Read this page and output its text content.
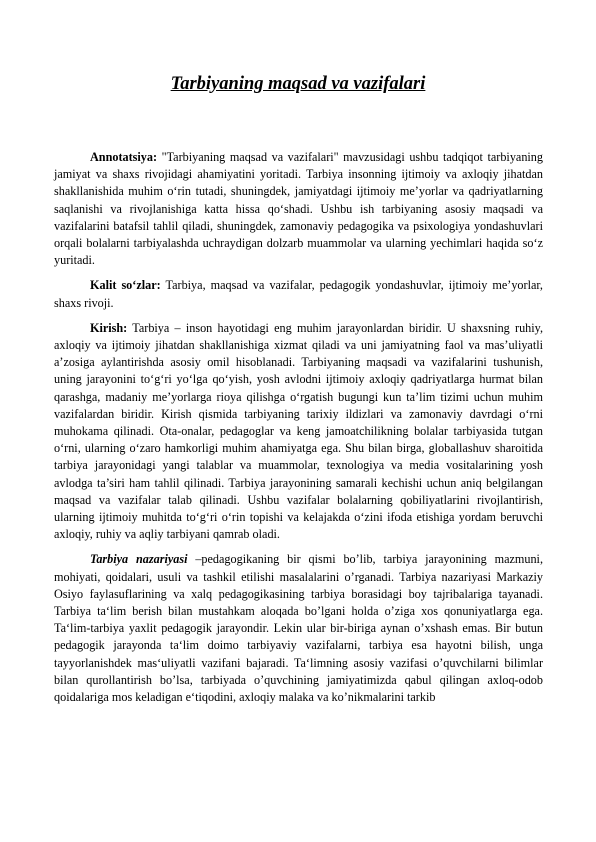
Tarbiyaning maqsad va vazifalari

Annotatsiya: "Tarbiyaning maqsad va vazifalari" mavzusidagi ushbu tadqiqot tarbiyaning jamiyat va shaxs rivojidagi ahamiyatini yoritadi. Tarbiya insonning ijtimoiy va axloqiy jihatdan shakllanishida muhim o‘rin tutadi, shuningdek, jamiyatdagi ijtimoiy me’yorlar va qadriyatlarning saqlanishi va rivojlanishiga katta hissa qo‘shadi. Ushbu ish tarbiyaning asosiy maqsadi va vazifalarini batafsil tahlil qiladi, shuningdek, zamonaviy pedagogika va psixologiya yondashuvlari orqali bolalarni tarbiyalashda uchraydigan dolzarb muammolar va ularning yechimlari haqida so‘z yuritadi.

Kalit so‘zlar: Tarbiya, maqsad va vazifalar, pedagogik yondashuvlar, ijtimoiy me’yorlar, shaxs rivoji.

Kirish: Tarbiya – inson hayotidagi eng muhim jarayonlardan biridir. U shaxsning ruhiy, axloqiy va ijtimoiy jihatdan shakllanishiga xizmat qiladi va uni jamiyatning faol va mas’uliyatli a’zosiga aylantirishda asosiy omil hisoblanadi. Tarbiyaning maqsadi va vazifalarini tushunish, uning jarayonini to‘g‘ri yo‘lga qo‘yish, yosh avlodni ijtimoiy axloqiy qadriyatlarga hurmat bilan qarashga, madaniy me’yorlarga rioya qilishga o‘rgatish bugungi kun ta’lim tizimi uchun muhim vazifalardan biridir. Kirish qismida tarbiyaning tarixiy ildizlari va zamonaviy davrdagi o‘rni muhokama qilinadi. Ota-onalar, pedagoglar va keng jamoatchilikning bolalar tarbiyasida tutgan o‘rni, ularning o‘zaro hamkorligi muhim ahamiyatga ega. Shu bilan birga, globallashuv sharoitida tarbiya jarayonidagi yangi talablar va muammolar, texnologiya va media vositalarining yosh avlodga ta’siri ham tahlil qilinadi. Tarbiya jarayonining samarali kechishi uchun aniq belgilangan maqsad va vazifalar talab qilinadi. Ushbu vazifalar bolalarning qobiliyatlarini rivojlantirish, ularning ijtimoiy muhitda to‘g‘ri o‘rin topishi va kelajakda o‘zini ifoda etishiga yordam beruvchi axloqiy, ruhiy va aqliy tarbiyani qamrab oladi.

Tarbiya nazariyasi –pedagogikaning bir qismi bo’lib, tarbiya jarayonining mazmuni, mohiyati, qoidalari, usuli va tashkil etilishi masalalarini o’rganadi. Tarbiya nazariyasi Markaziy Osiyo faylasuflarining va xalq pedagogikasining tarbiya borasidagi boy tajribalariga tayanadi. Tarbiya ta‘lim berish bilan mustahkam aloqada bo’lgani holda o’ziga xos qonuniyatlarga ega. Ta‘lim-tarbiya yaxlit pedagogik jarayondir. Lekin ular bir-biriga aynan o’xshash emas. Bir butun pedagogik jarayonda ta‘lim doimo tarbiyaviy vazifalarni, tarbiya esa hayotni bilish, unga tayyorlanishdek mas‘uliyatli vazifani bajaradi. Ta‘limning asosiy vazifasi o’quvchilarni bilimlar bilan qurollantirish bo’lsa, tarbiyada o’quvchining jamiyatimizda qabul qilingan axloq-odob qoidalariga mos keladigan e‘tiqodini, axloqiy malaka va ko’nikmalarini tarkib
